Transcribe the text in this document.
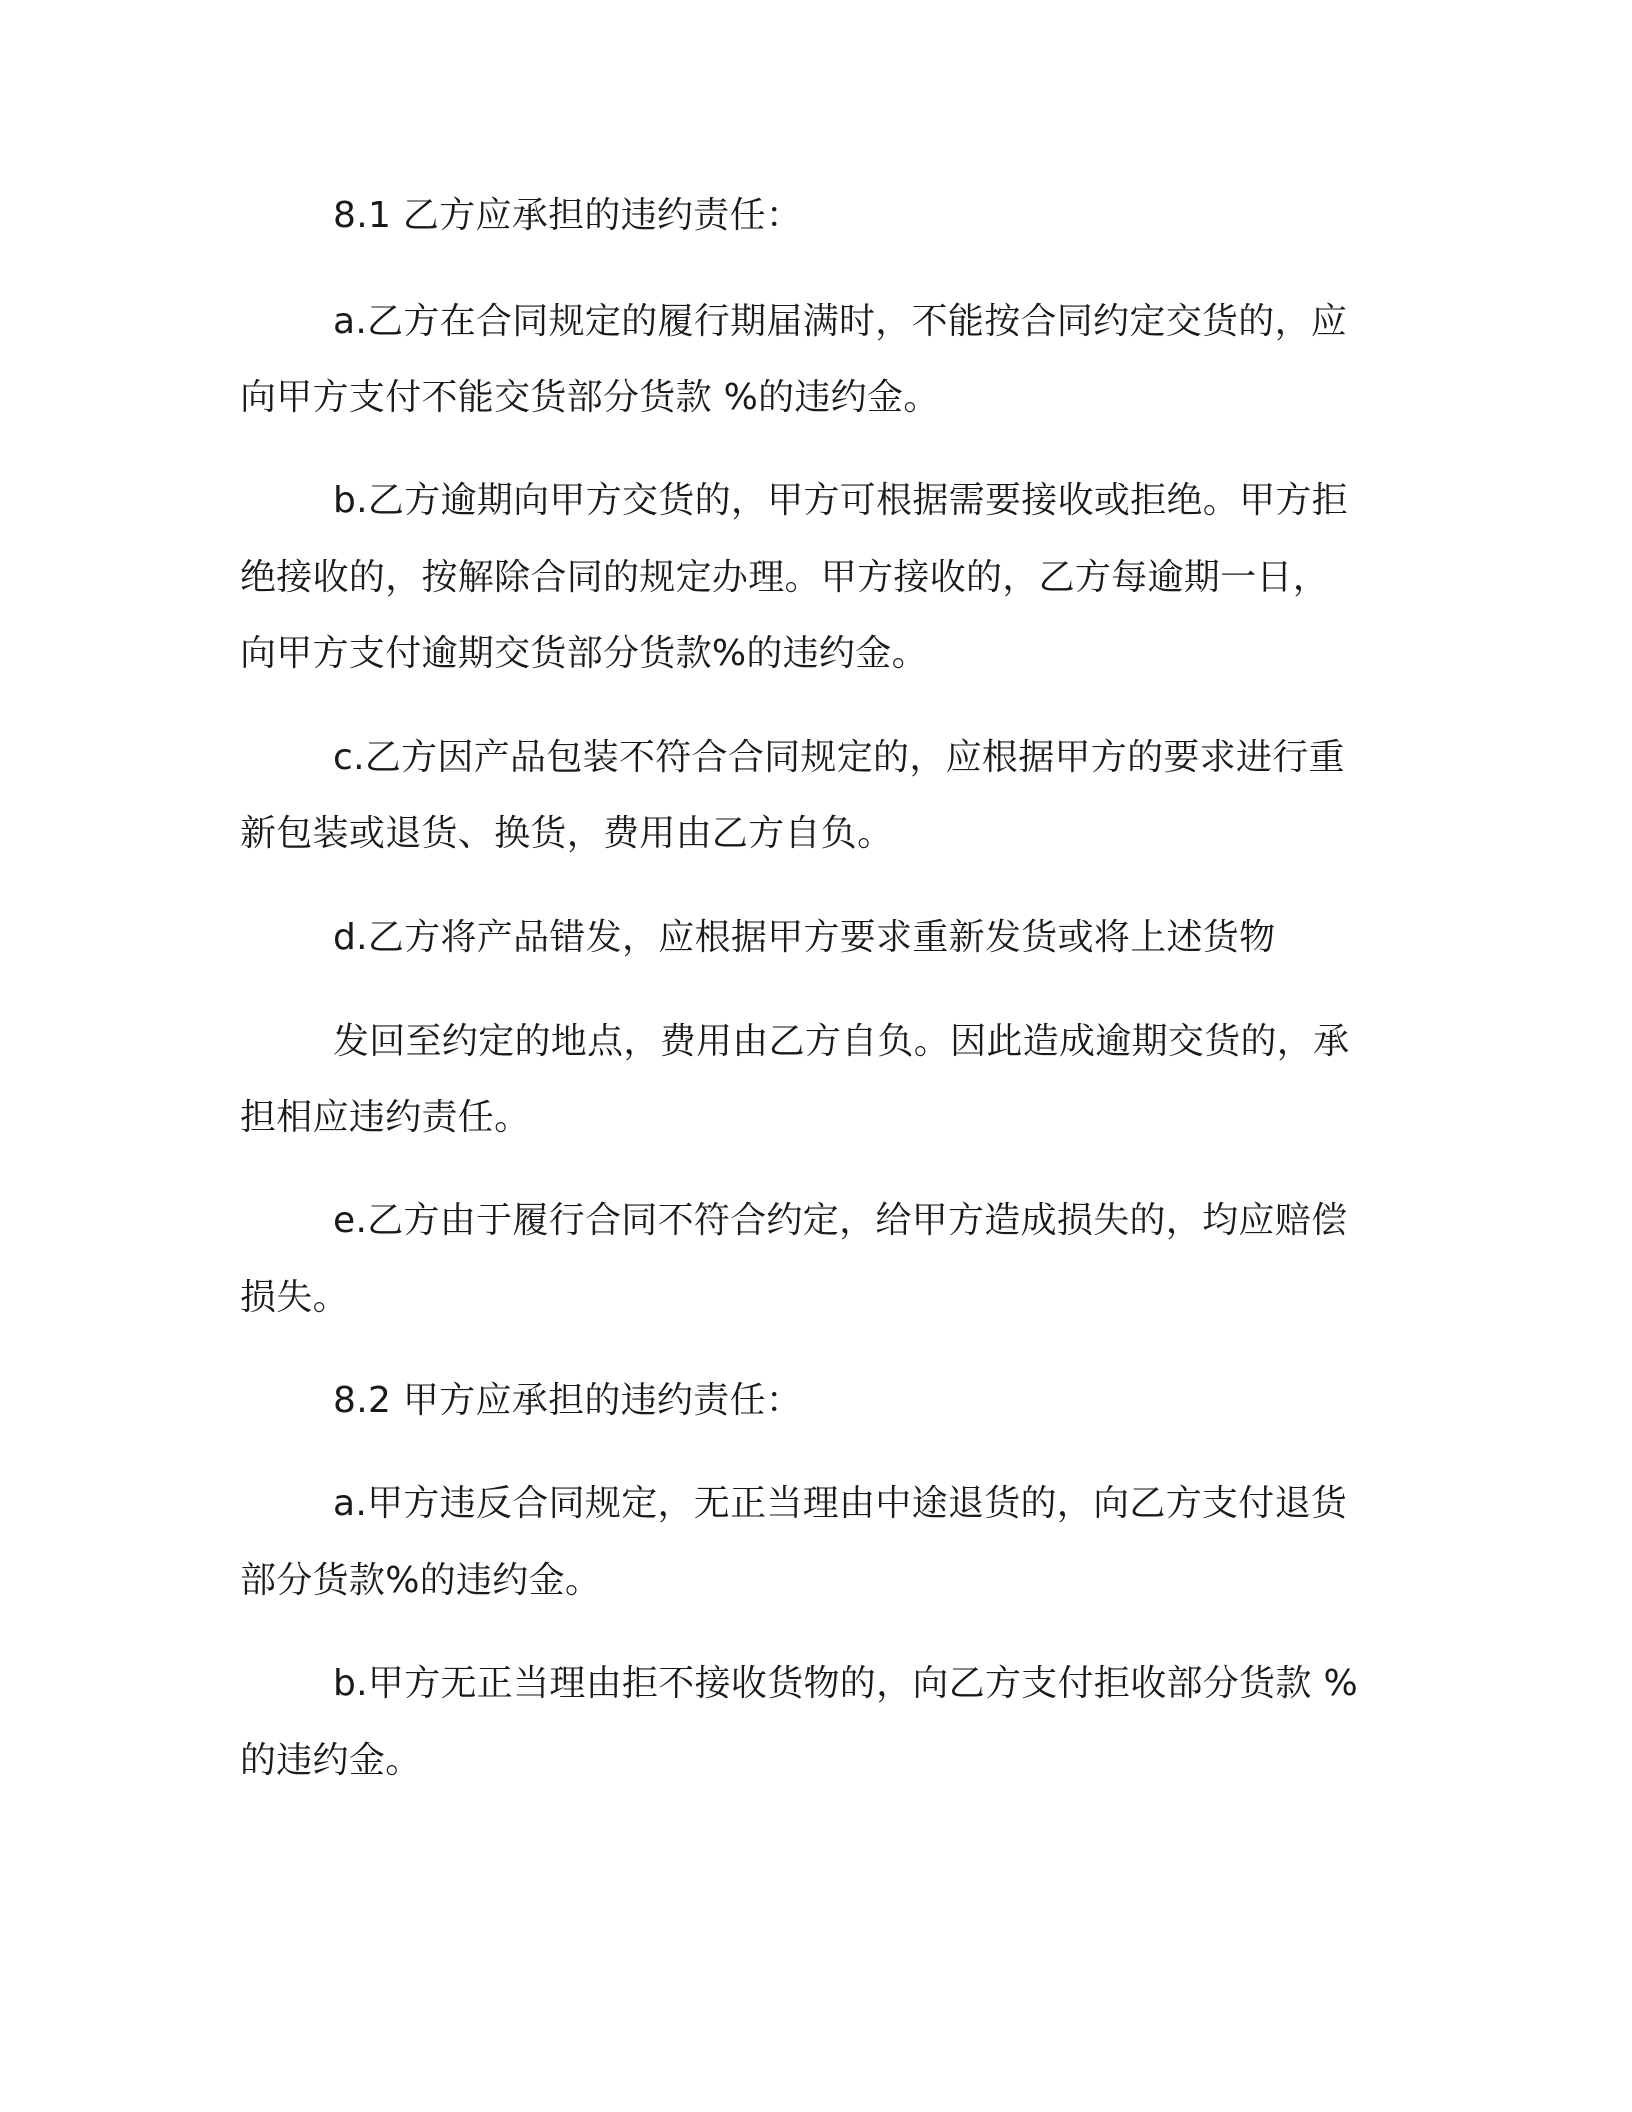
8.1 乙方应承担的违约责任：

a.乙方在合同规定的履行期届满时，不能按合同约定交货的，应

向甲方支付不能交货部分货款 %的违约金。

b.乙方逾期向甲方交货的，甲方可根据需要接收或拒绝。甲方拒

绝接收的，按解除合同的规定办理。甲方接收的，乙方每逾期一日，

向甲方支付逾期交货部分货款%的违约金。

c.乙方因产品包装不符合合同规定的，应根据甲方的要求进行重

新包装或退货、换货，费用由乙方自负。

d.乙方将产品错发，应根据甲方要求重新发货或将上述货物

发回至约定的地点，费用由乙方自负。因此造成逾期交货的，承

担相应违约责任。

e.乙方由于履行合同不符合约定，给甲方造成损失的，均应赔偿

损失。

8.2 甲方应承担的违约责任：

a.甲方违反合同规定，无正当理由中途退货的，向乙方支付退货

部分货款%的违约金。

b.甲方无正当理由拒不接收货物的，向乙方支付拒收部分货款 %

的违约金。
